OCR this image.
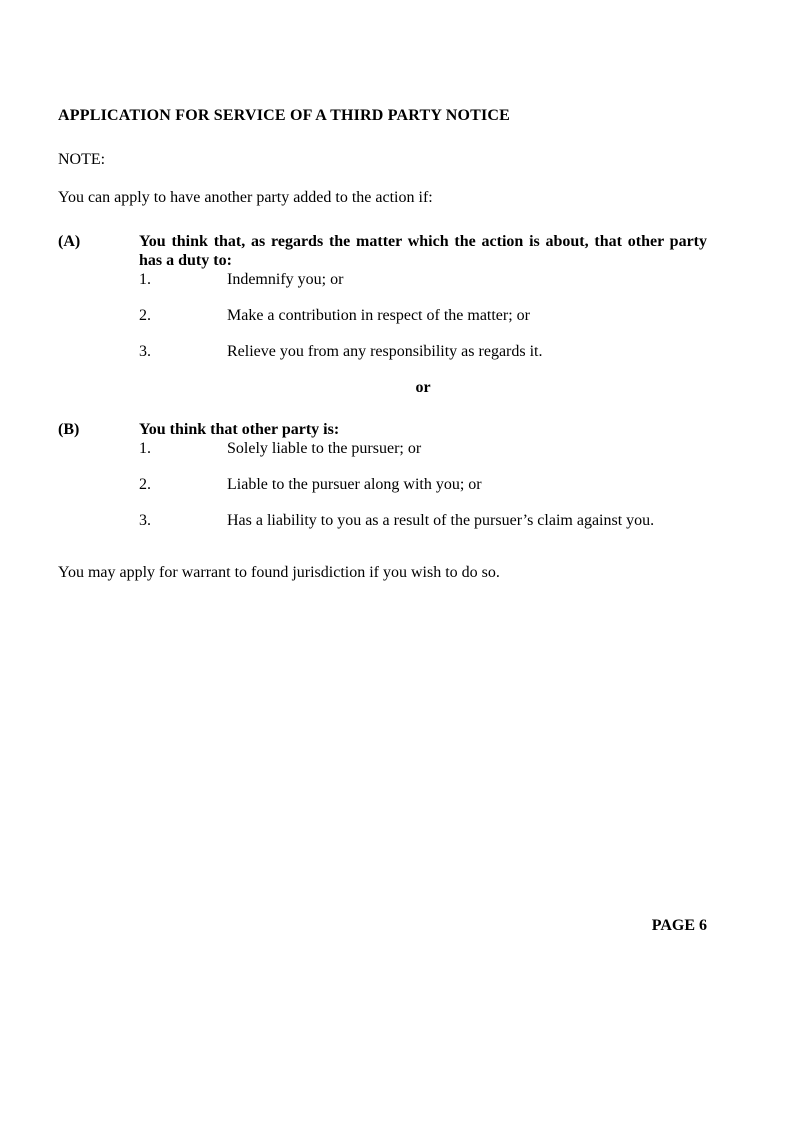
APPLICATION FOR SERVICE OF A THIRD PARTY NOTICE

NOTE:

You can apply to have another party added to the action if:

(A)	You think that, as regards the matter which the action is about, that other party has a duty to:
1.	Indemnify you; or
2.	Make a contribution in respect of the matter; or
3.	Relieve you from any responsibility as regards it.
or
(B)	You think that other party is:
1.	Solely liable to the pursuer; or
2.	Liable to the pursuer along with you; or
3.	Has a liability to you as a result of the pursuer’s claim against you.

You may apply for warrant to found jurisdiction if you wish to do so.

PAGE 6
